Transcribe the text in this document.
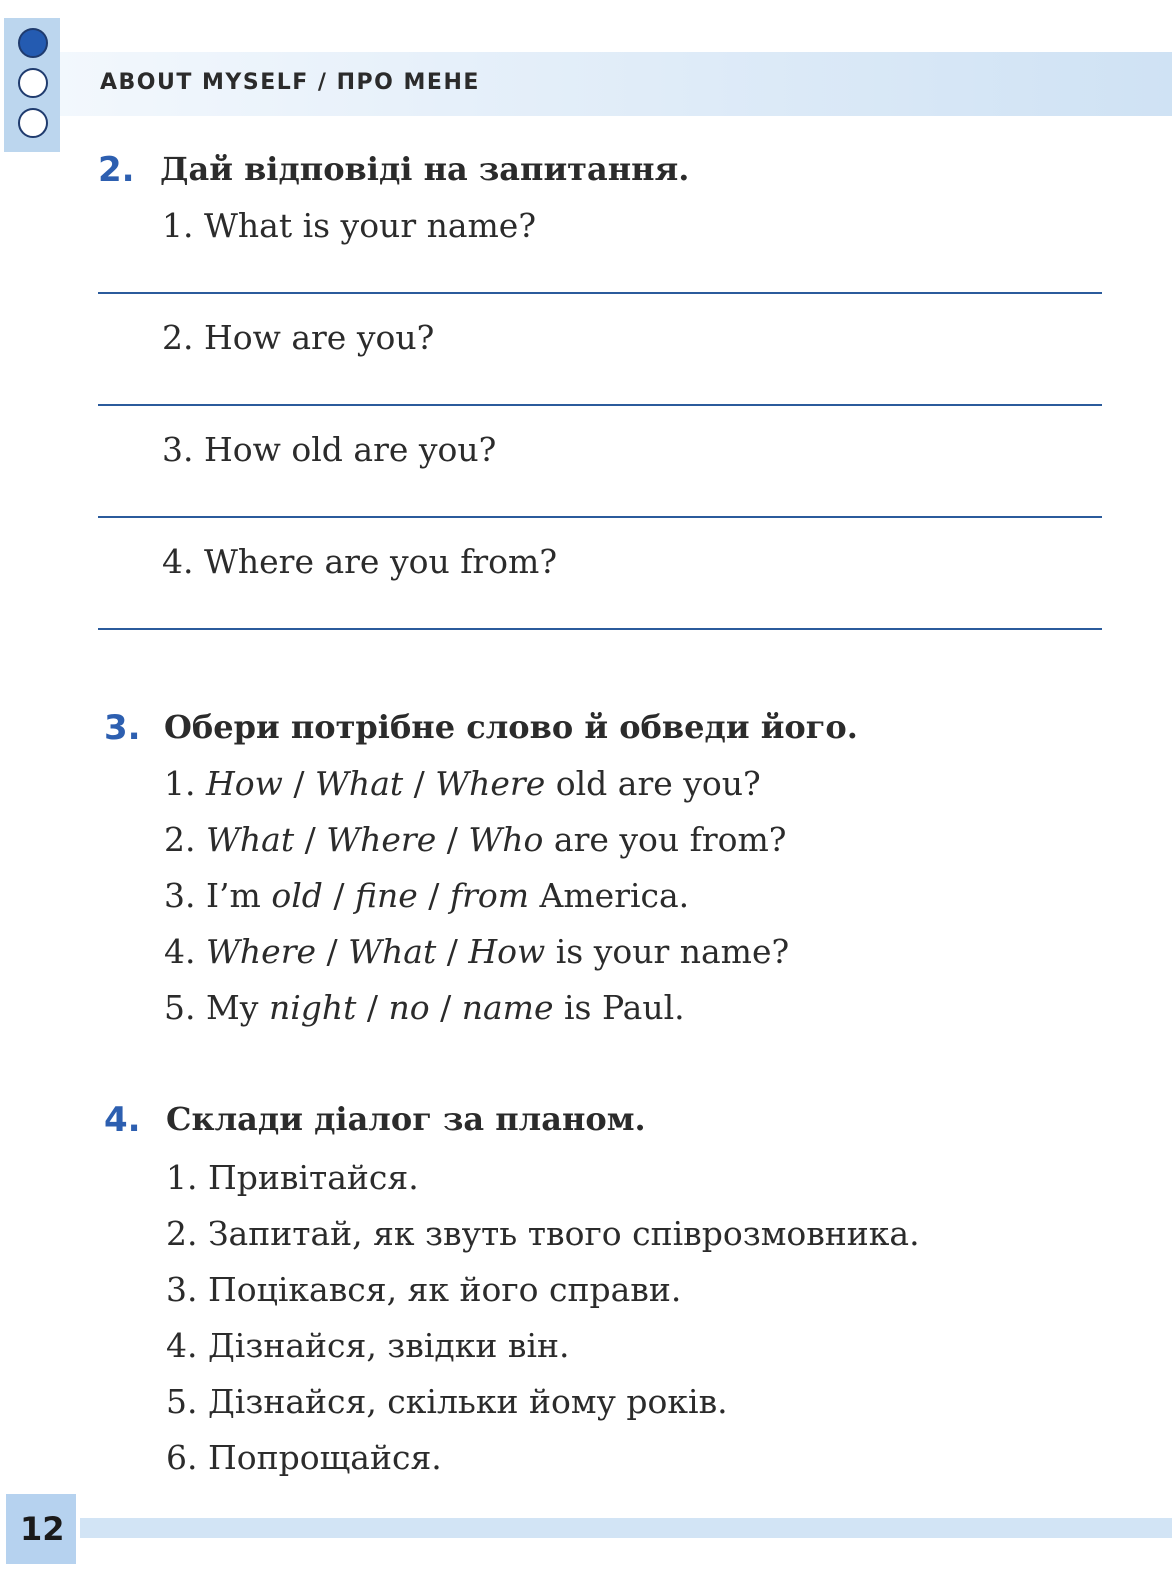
ABOUT MYSELF / ПРО МЕНЕ
2. Дай відповіді на запитання.
1. What is your name?
2. How are you?
3. How old are you?
4. Where are you from?
3. Обери потрібне слово й обведи його.
1. How / What / Where old are you?
2. What / Where / Who are you from?
3. I’m old / fine / from America.
4. Where / What / How is your name?
5. My night / no / name is Paul.
4. Склади діалог за планом.
1. Привітайся.
2. Запитай, як звуть твого співрозмовника.
3. Поцікався, як його справи.
4. Дізнайся, звідки він.
5. Дізнайся, скільки йому років.
6. Попрощайся.
12
